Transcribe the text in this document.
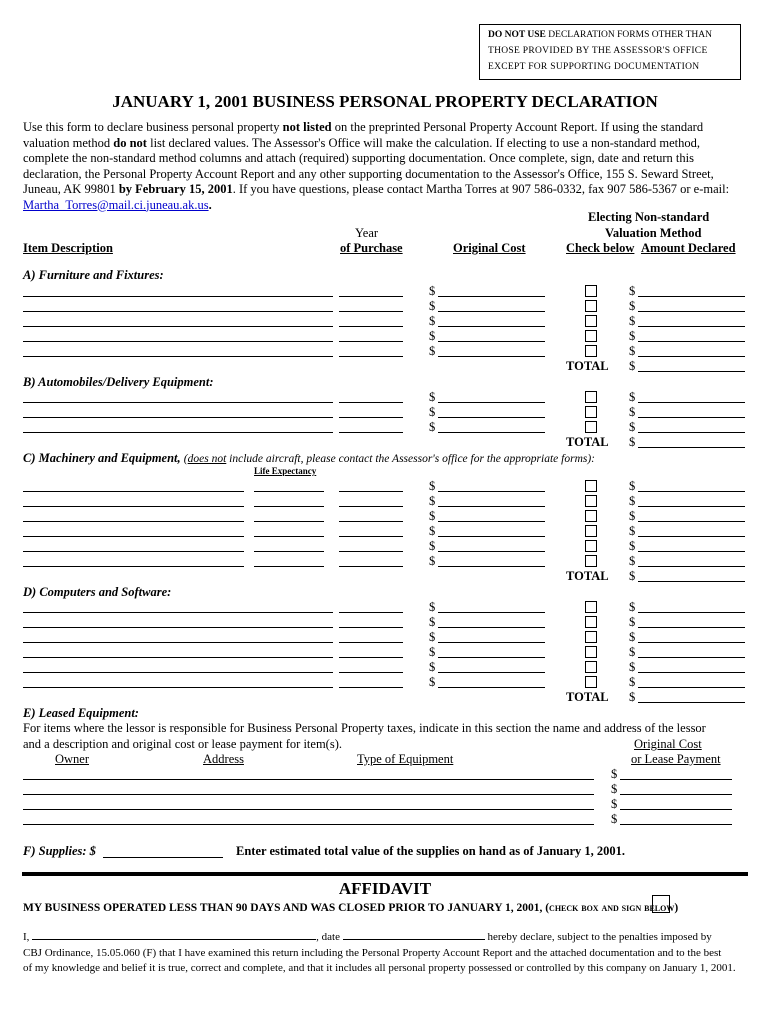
DO NOT USE DECLARATION FORMS OTHER THAN
THOSE PROVIDED BY THE ASSESSOR'S OFFICE
EXCEPT FOR SUPPORTING DOCUMENTATION
JANUARY 1, 2001 BUSINESS PERSONAL PROPERTY DECLARATION
Use this form to declare business personal property not listed on the preprinted Personal Property Account Report. If using the standard
valuation method do not list declared values. The Assessor's Office will make the calculation. If electing to use a non-standard method,
complete the non-standard method columns and attach (required) supporting documentation. Once complete, sign, date and return this
declaration, the Personal Property Account Report and any other supporting documentation to the Assessor's Office, 155 S. Seward Street,
Juneau, AK 99801 by February 15, 2001. If you have questions, please contact Martha Torres at 907 586-0332, fax 907 586-5367 or e-mail:
Martha_Torres@mail.ci.juneau.ak.us.
Electing Non-standard
Year	Valuation Method
Item Description	of Purchase	Original Cost	Check below Amount Declared
A) Furniture and Fixtures:
B) Automobiles/Delivery Equipment:
C) Machinery and Equipment, (does not include aircraft, please contact the Assessor's office for the appropriate forms):
Life Expectancy
D) Computers and Software:
$	$
$	$
$	$
$	$
$	$
TOTAL $
$	$
$	$
$	$
TOTAL $
$	$
$	$
$	$
$	$
$	$
$	$
TOTAL $
$	$
$	$
$	$
$	$
$	$
$	$
TOTAL $
E) Leased Equipment:
For items where the lessor is responsible for Business Personal Property taxes, indicate in this section the name and address of the lessor
and a description and original cost or lease payment for item(s).	Original Cost
Owner	Address	Type of Equipment	or Lease Payment
$
$
$
$
F) Supplies: $	Enter estimated total value of the supplies on hand as of January 1, 2001.
AFFIDAVIT
MY BUSINESS OPERATED LESS THAN 90 DAYS AND WAS CLOSED PRIOR TO JANUARY 1, 2001, (check box and sign below)
I,	, date	hereby declare, subject to the penalties imposed by
CBJ Ordinance, 15.05.060 (F) that I have examined this return including the Personal Property Account Report and the attached documentation and to the best
of my knowledge and belief it is true, correct and complete, and that it includes all personal property possessed or controlled by this company on January 1, 2001.
